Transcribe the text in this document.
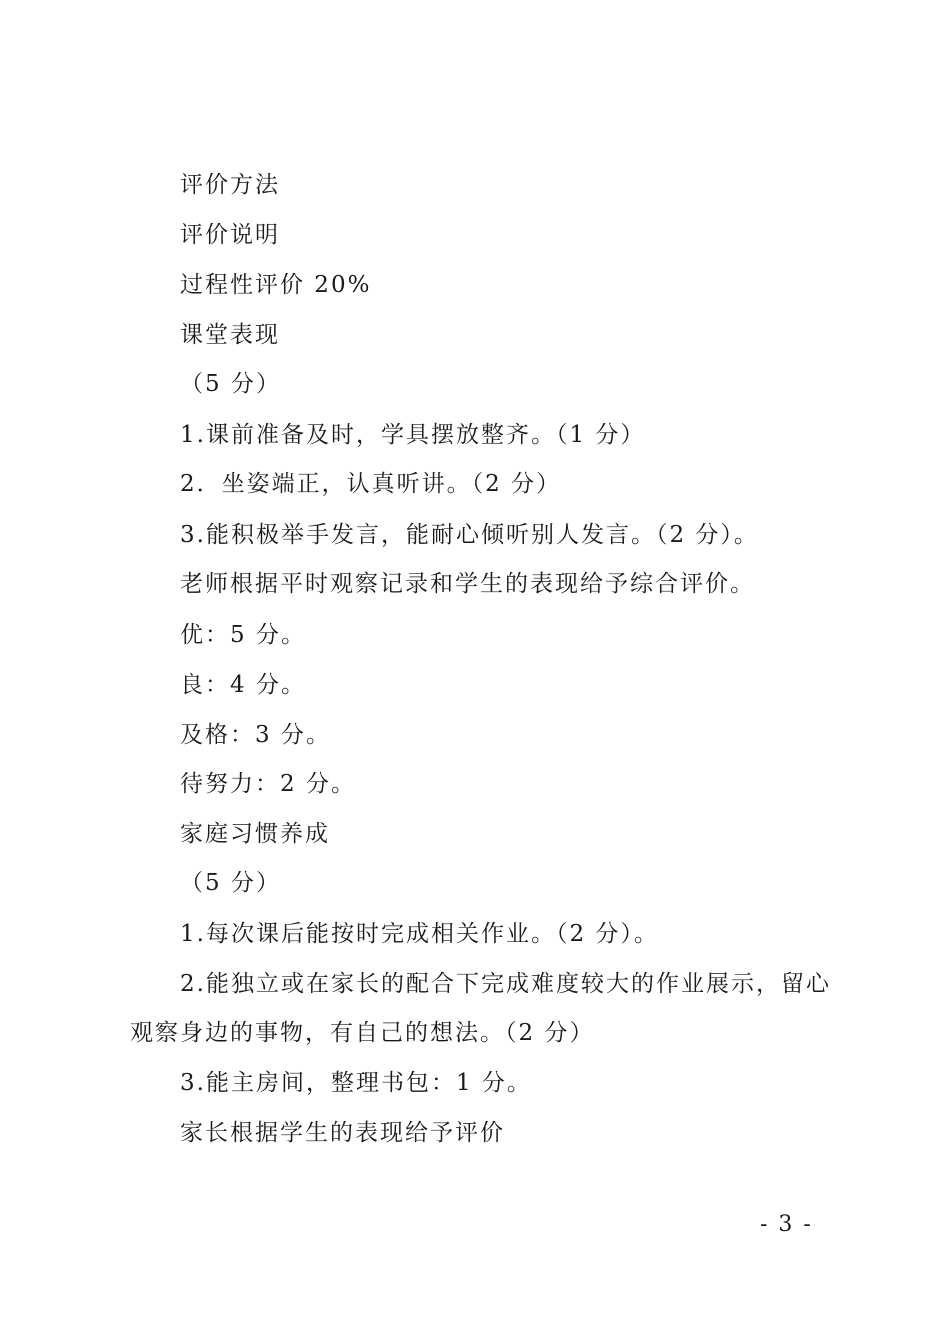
评价方法
评价说明
过程性评价 20%
课堂表现
（5 分）
1.课前准备及时，学具摆放整齐。（1 分）
2．坐姿端正，认真听讲。（2 分）
3.能积极举手发言，能耐心倾听别人发言。（2 分）。
老师根据平时观察记录和学生的表现给予综合评价。
优：5 分。
良：4 分。
及格：3 分。
待努力：2 分。
家庭习惯养成
（5 分）
1.每次课后能按时完成相关作业。（2 分）。
2.能独立或在家长的配合下完成难度较大的作业展示，留心
观察身边的事物，有自己的想法。（2 分）
3.能主房间，整理书包：1 分。
家长根据学生的表现给予评价
- 3 -
